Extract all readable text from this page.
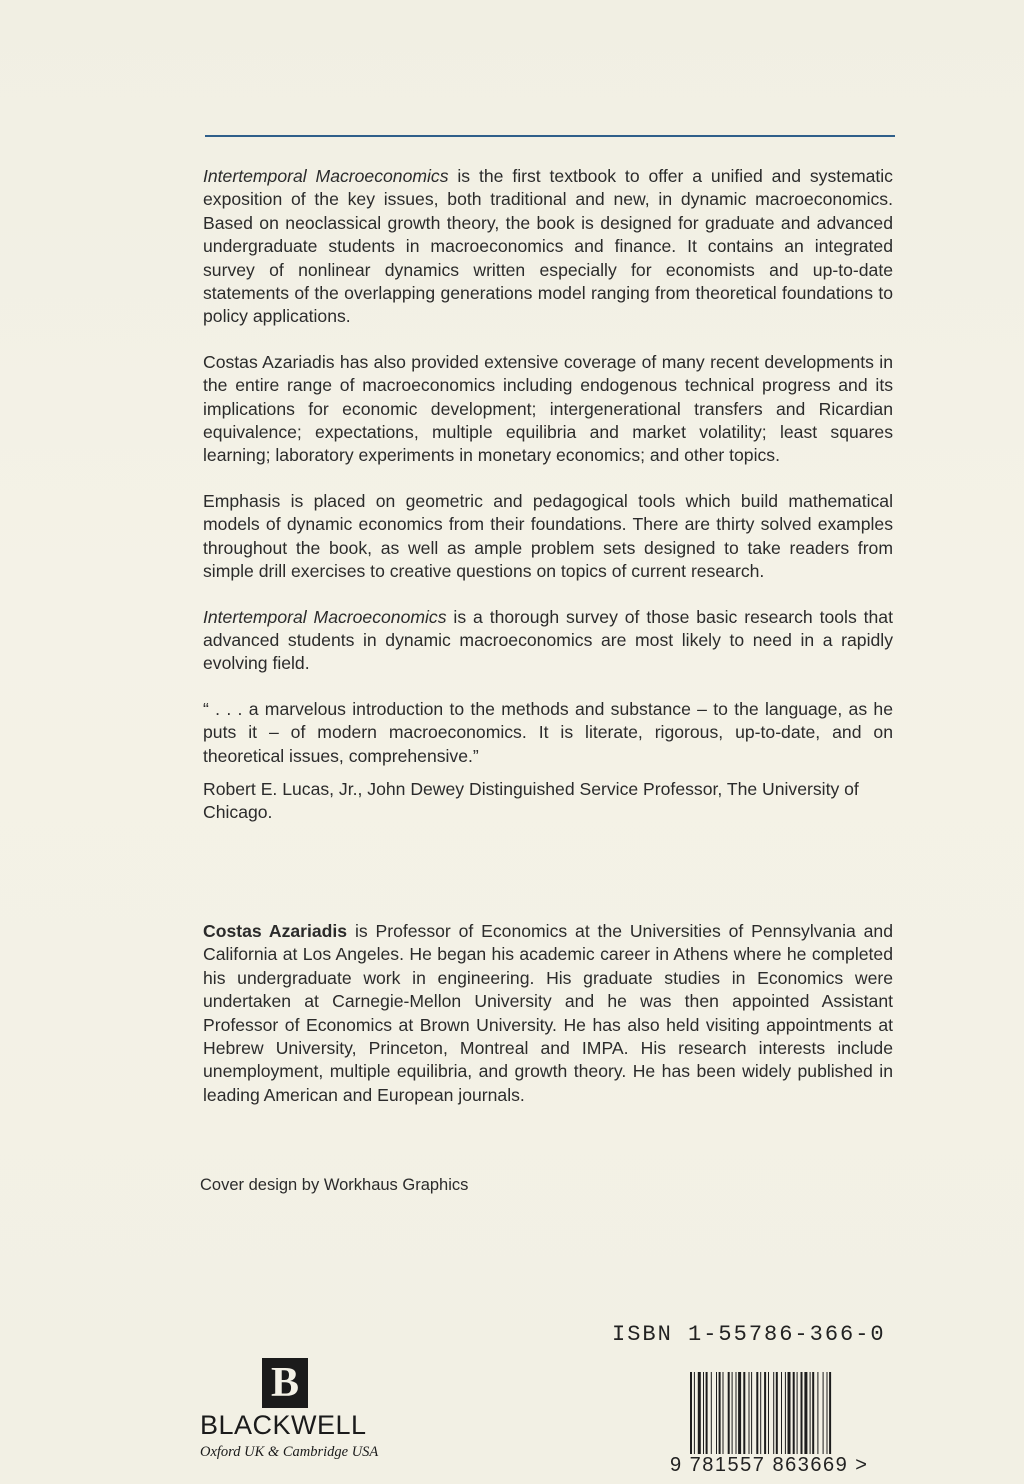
Intertemporal Macroeconomics is the first textbook to offer a unified and systematic exposition of the key issues, both traditional and new, in dynamic macroeconomics. Based on neoclassical growth theory, the book is designed for graduate and advanced undergraduate students in macroeconomics and finance. It contains an integrated survey of nonlinear dynamics written especially for economists and up-to-date statements of the overlapping generations model ranging from theoretical foundations to policy applications.

Costas Azariadis has also provided extensive coverage of many recent developments in the entire range of macroeconomics including endogenous technical progress and its implications for economic development; intergenerational transfers and Ricardian equivalence; expectations, multiple equilibria and market volatility; least squares learning; laboratory experiments in monetary economics; and other topics.

Emphasis is placed on geometric and pedagogical tools which build mathematical models of dynamic economics from their foundations. There are thirty solved examples throughout the book, as well as ample problem sets designed to take readers from simple drill exercises to creative questions on topics of current research.

Intertemporal Macroeconomics is a thorough survey of those basic research tools that advanced students in dynamic macroeconomics are most likely to need in a rapidly evolving field.

“ . . . a marvelous introduction to the methods and substance – to the language, as he puts it – of modern macroeconomics. It is literate, rigorous, up-to-date, and on theoretical issues, comprehensive.”

Robert E. Lucas, Jr., John Dewey Distinguished Service Professor, The University of Chicago.

Costas Azariadis is Professor of Economics at the Universities of Pennsylvania and California at Los Angeles. He began his academic career in Athens where he completed his undergraduate work in engineering. His graduate studies in Economics were undertaken at Carnegie-Mellon University and he was then appointed Assistant Professor of Economics at Brown University. He has also held visiting appointments at Hebrew University, Princeton, Montreal and IMPA. His research interests include unemployment, multiple equilibria, and growth theory. He has been widely published in leading American and European journals.

Cover design by Workhaus Graphics
B
BLACKWELL
Oxford UK & Cambridge USA
ISBN 1-55786-366-0
9 781557 863669 >
